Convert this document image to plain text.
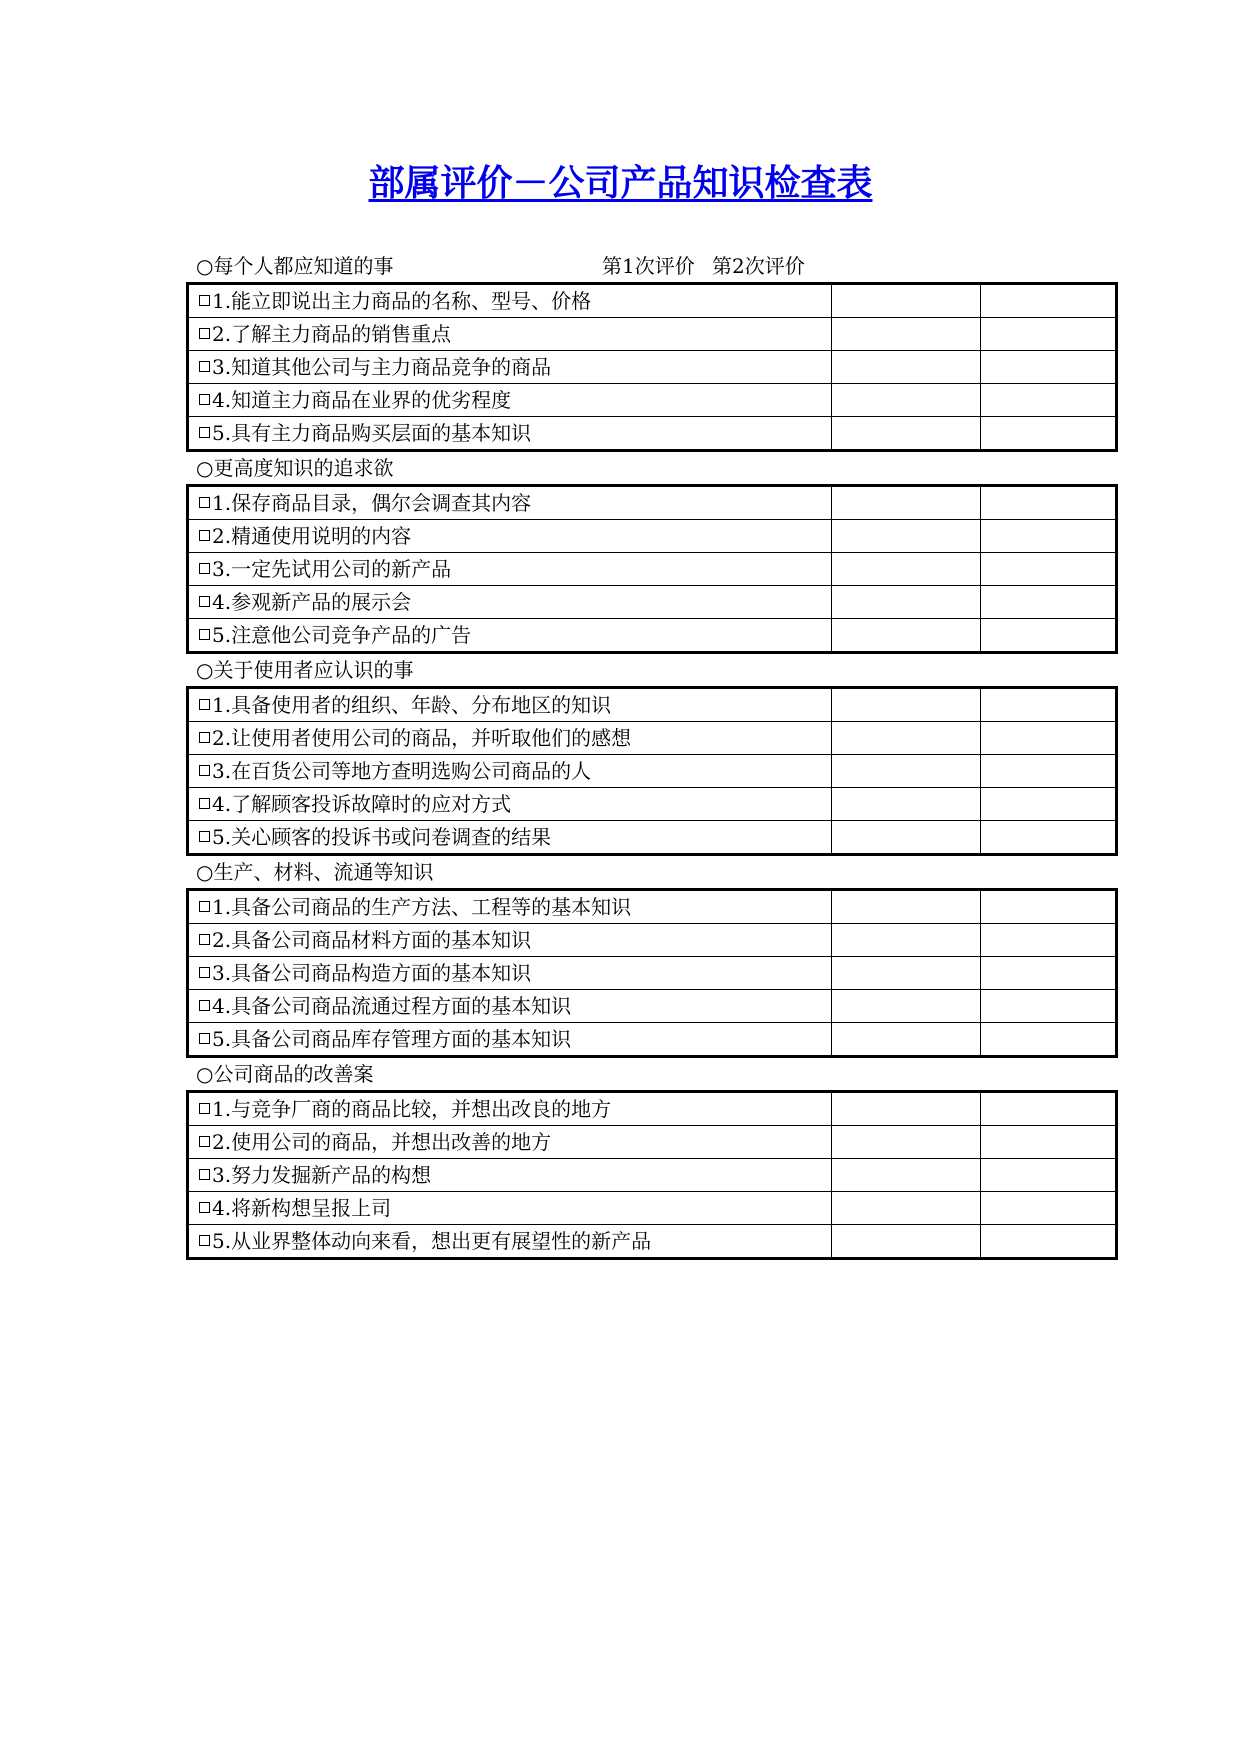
部属评价－公司产品知识检查表
○每个人都应知道的事	第1次评价 第2次评价
1.能立即说出主力商品的名称、型号、价格		
2.了解主力商品的销售重点		
3.知道其他公司与主力商品竞争的商品		
4.知道主力商品在业界的优劣程度		
5.具有主力商品购买层面的基本知识		
○更高度知识的追求欲
1.保存商品目录，偶尔会调查其内容		
2.精通使用说明的内容		
3.一定先试用公司的新产品		
4.参观新产品的展示会		
5.注意他公司竞争产品的广告		
○关于使用者应认识的事
1.具备使用者的组织、年龄、分布地区的知识		
2.让使用者使用公司的商品，并听取他们的感想		
3.在百货公司等地方查明选购公司商品的人		
4.了解顾客投诉故障时的应对方式		
5.关心顾客的投诉书或问卷调查的结果		
○生产、材料、流通等知识
1.具备公司商品的生产方法、工程等的基本知识		
2.具备公司商品材料方面的基本知识		
3.具备公司商品构造方面的基本知识		
4.具备公司商品流通过程方面的基本知识		
5.具备公司商品库存管理方面的基本知识		
○公司商品的改善案
1.与竞争厂商的商品比较，并想出改良的地方		
2.使用公司的商品，并想出改善的地方		
3.努力发掘新产品的构想		
4.将新构想呈报上司		
5.从业界整体动向来看，想出更有展望性的新产品		
